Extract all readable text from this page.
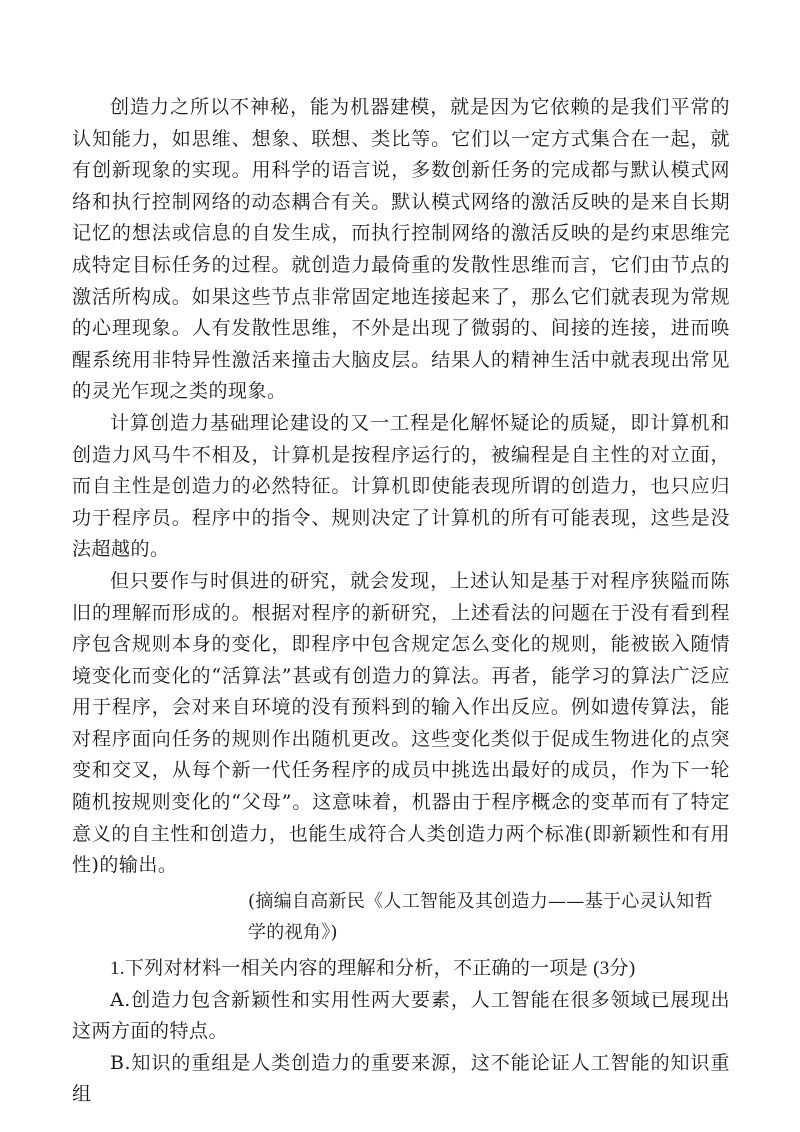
创造力之所以不神秘，能为机器建模，就是因为它依赖的是我们平常的认知能力，如思维、想象、联想、类比等。它们以一定方式集合在一起，就有创新现象的实现。用科学的语言说，多数创新任务的完成都与默认模式网络和执行控制网络的动态耦合有关。默认模式网络的激活反映的是来自长期记忆的想法或信息的自发生成，而执行控制网络的激活反映的是约束思维完成特定目标任务的过程。就创造力最倚重的发散性思维而言，它们由节点的激活所构成。如果这些节点非常固定地连接起来了，那么它们就表现为常规的心理现象。人有发散性思维，不外是出现了微弱的、间接的连接，进而唤醒系统用非特异性激活来撞击大脑皮层。结果人的精神生活中就表现出常见的灵光乍现之类的现象。

计算创造力基础理论建设的又一工程是化解怀疑论的质疑，即计算机和创造力风马牛不相及，计算机是按程序运行的，被编程是自主性的对立面，而自主性是创造力的必然特征。计算机即使能表现所谓的创造力，也只应归功于程序员。程序中的指令、规则决定了计算机的所有可能表现，这些是没法超越的。

但只要作与时俱进的研究，就会发现，上述认知是基于对程序狭隘而陈旧的理解而形成的。根据对程序的新研究，上述看法的问题在于没有看到程序包含规则本身的变化，即程序中包含规定怎么变化的规则，能被嵌入随情境变化而变化的“活算法”甚或有创造力的算法。再者，能学习的算法广泛应用于程序，会对来自环境的没有预料到的输入作出反应。例如遗传算法，能对程序面向任务的规则作出随机更改。这些变化类似于促成生物进化的点突变和交叉，从每个新一代任务程序的成员中挑选出最好的成员，作为下一轮随机按规则变化的“父母”。这意味着，机器由于程序概念的变革而有了特定意义的自主性和创造力，也能生成符合人类创造力两个标准(即新颖性和有用性)的输出。

(摘编自高新民《人工智能及其创造力——基于心灵认知哲学的视角》)

1.下列对材料一相关内容的理解和分析，不正确的一项是 (3分)

A.创造力包含新颖性和实用性两大要素，人工智能在很多领域已展现出这两方面的特点。

B.知识的重组是人类创造力的重要来源，这不能论证人工智能的知识重组
